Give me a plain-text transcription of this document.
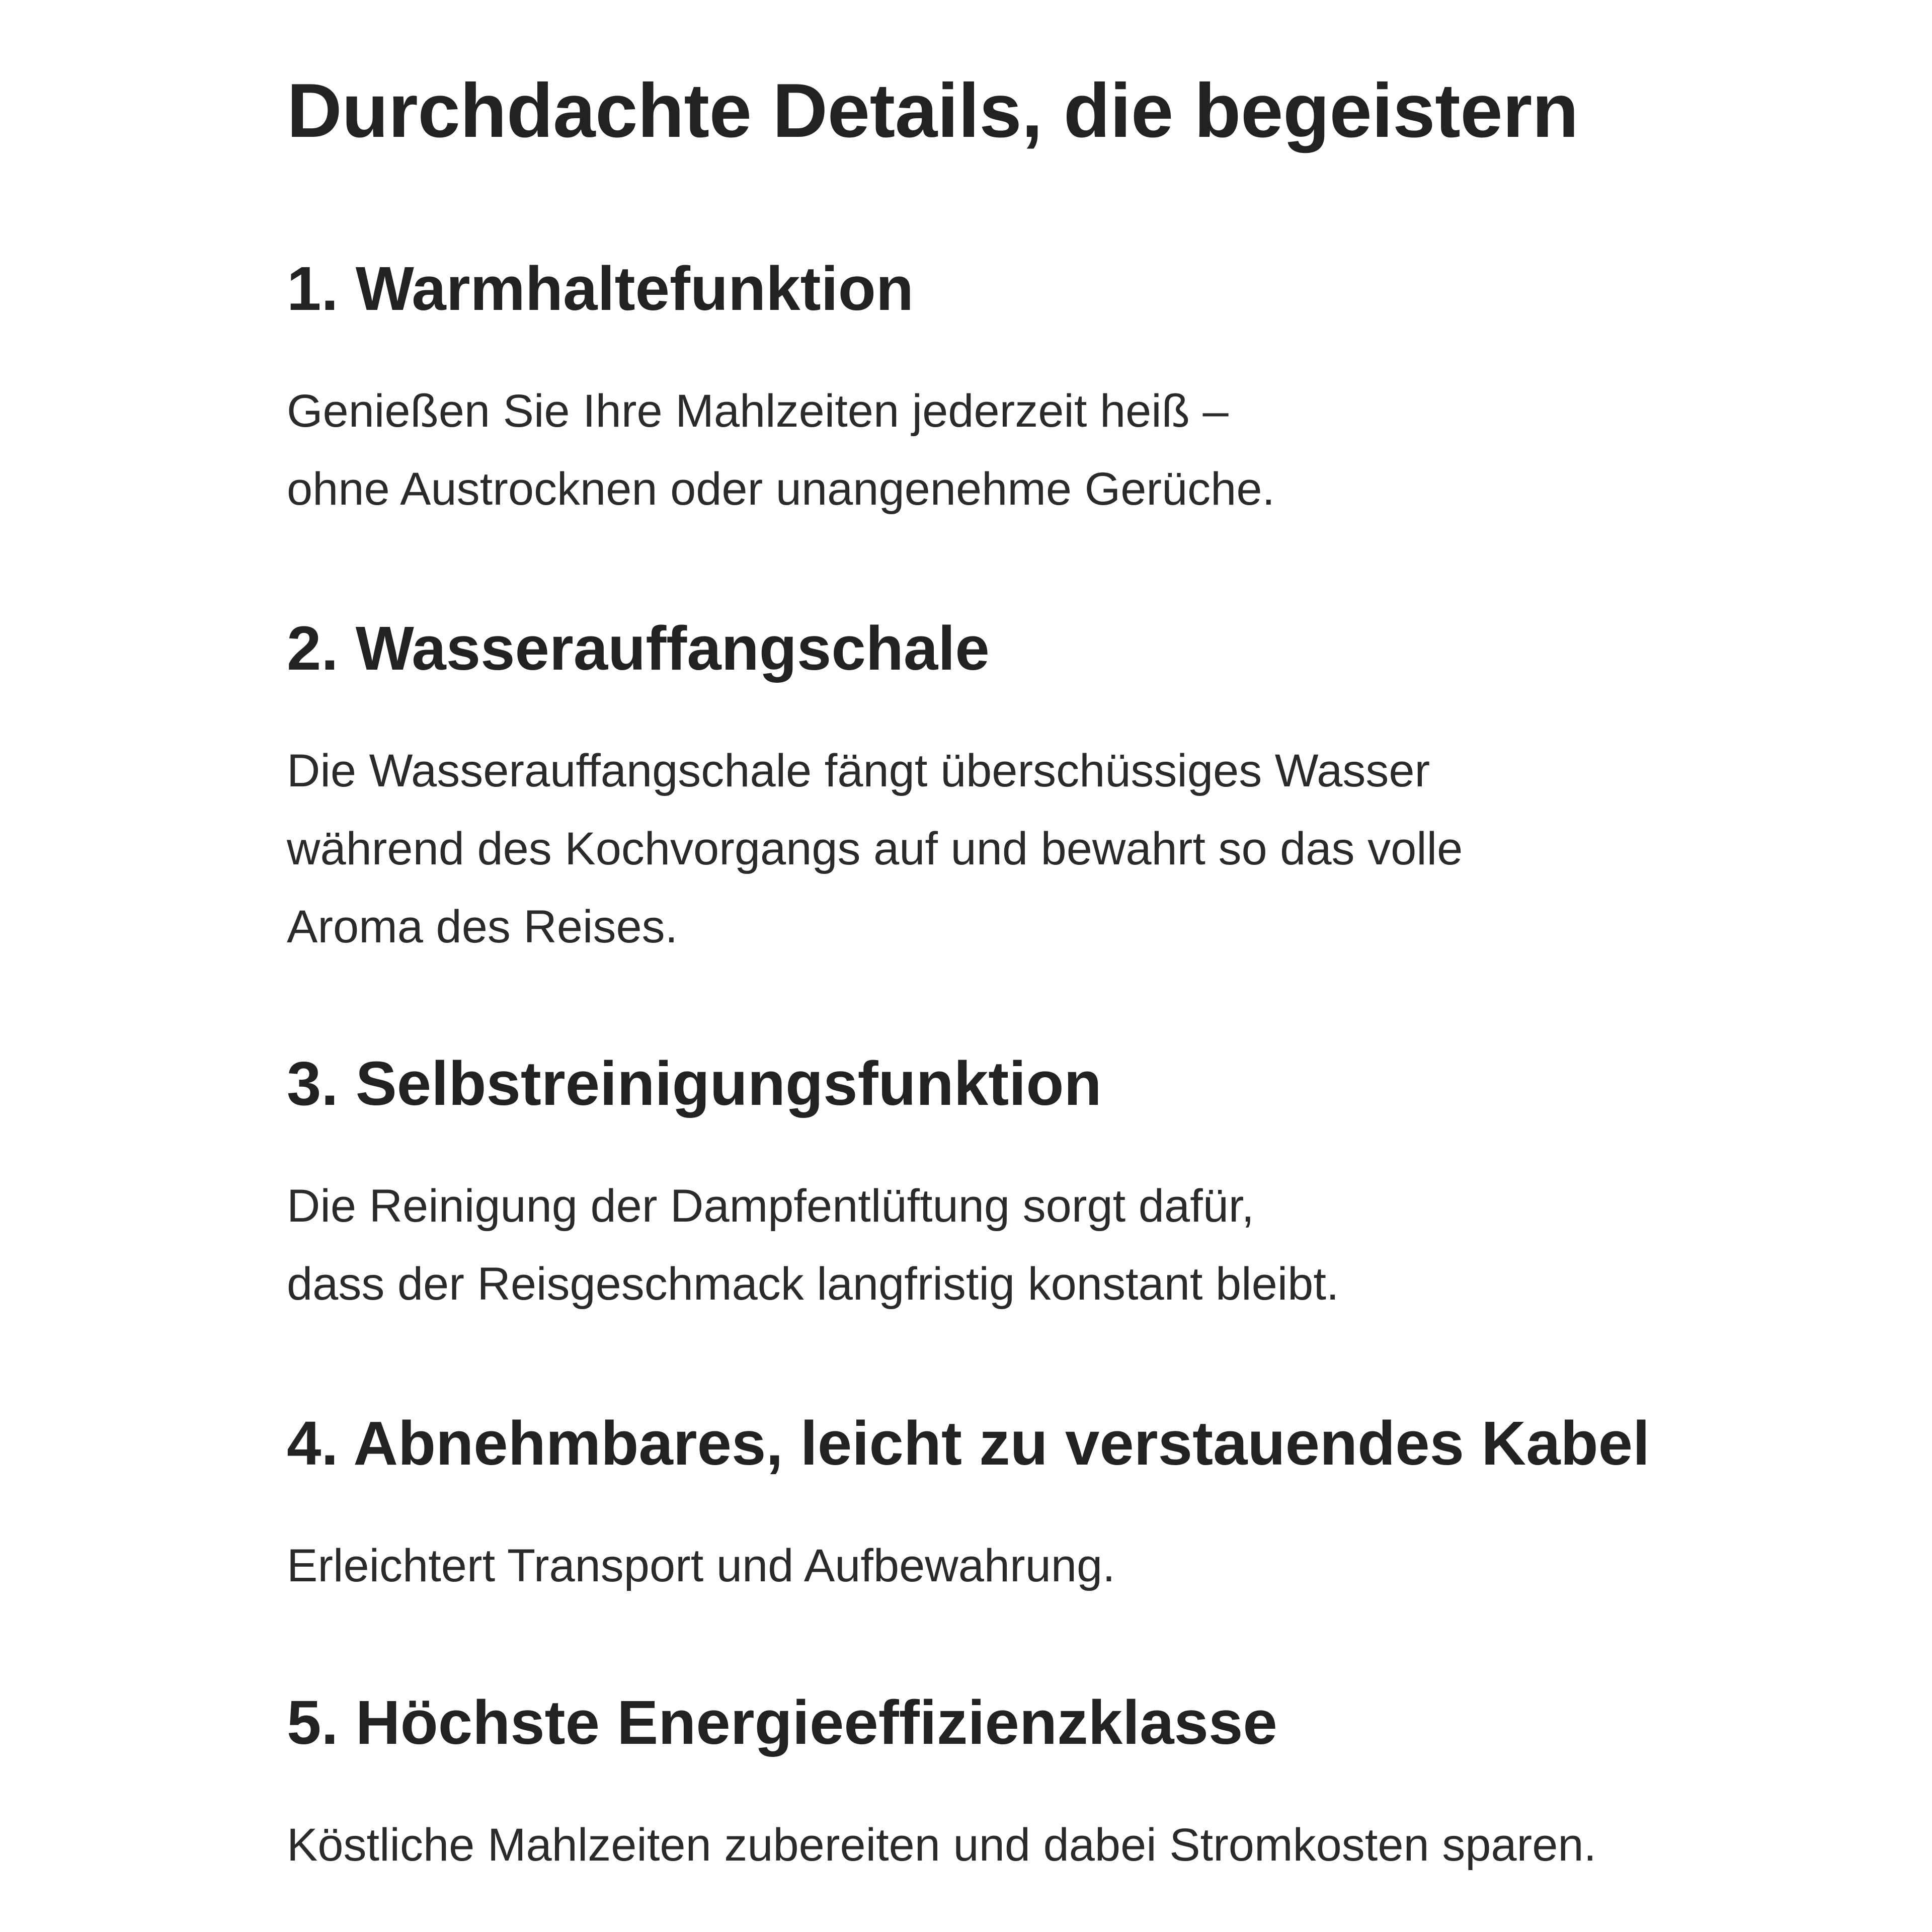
Durchdachte Details, die begeistern
1. Warmhaltefunktion
Genießen Sie Ihre Mahlzeiten jederzeit heiß –
ohne Austrocknen oder unangenehme Gerüche.
2. Wasserauffangschale
Die Wasserauffangschale fängt überschüssiges Wasser
während des Kochvorgangs auf und bewahrt so das volle
Aroma des Reises.
3. Selbstreinigungsfunktion
Die Reinigung der Dampfentlüftung sorgt dafür,
dass der Reisgeschmack langfristig konstant bleibt.
4. Abnehmbares, leicht zu verstauendes Kabel
Erleichtert Transport und Aufbewahrung.
5. Höchste Energieeffizienzklasse
Köstliche Mahlzeiten zubereiten und dabei Stromkosten sparen.
